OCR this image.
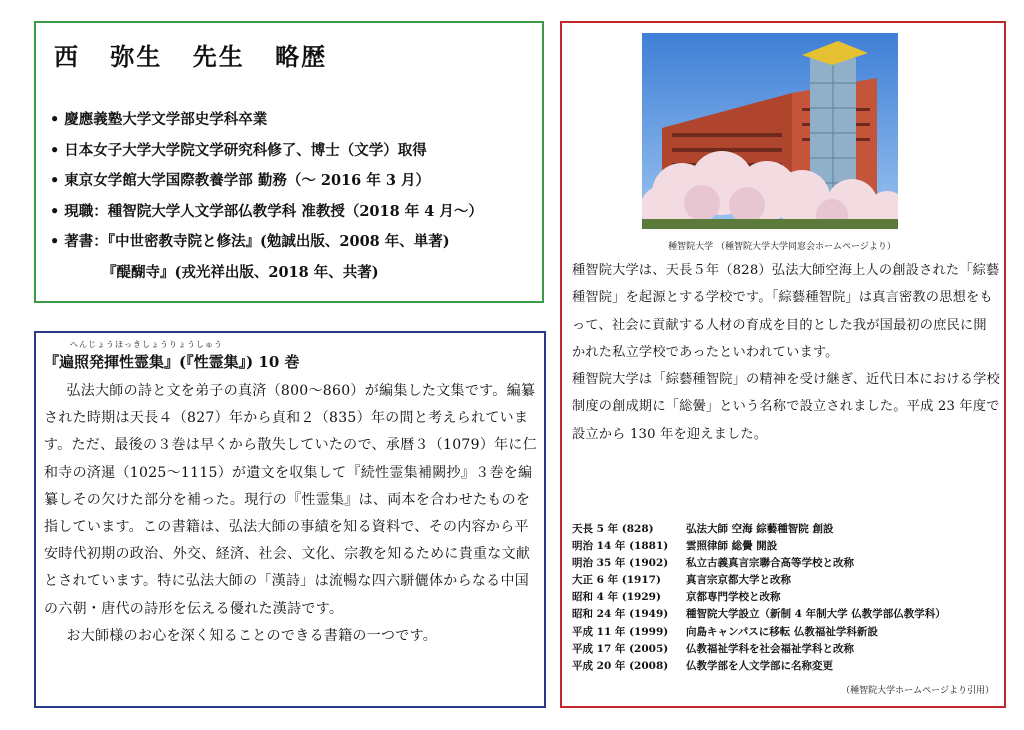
西 弥生 先生 略歴
• 慶應義塾大学文学部史学科卒業
• 日本女子大学大学院文学研究科修了、博士（文学）取得
• 東京女学館大学国際教養学部 勤務（～ 2016 年 3 月）
• 現職：種智院大学人文学部仏教学科 准教授（2018 年 4 月～）
• 著書：『中世密教寺院と修法』(勉誠出版、2008 年、単著)
『醍醐寺』(戎光祥出版、2018 年、共著)
へんじょうほっきしょうりょうしゅう
『遍照発揮性霊集』(『性霊集』) 10 巻

弘法大師の詩と文を弟子の真済（800～860）が編集した文集です。編纂された時期は天長４（827）年から貞和２（835）年の間と考えられています。ただ、最後の３巻は早くから散失していたので、承暦３（1079）年に仁和寺の済暹（1025～1115）が遺文を収集して『続性霊集補闕抄』３巻を編纂しその欠けた部分を補った。現行の『性霊集』は、両本を合わせたものを指しています。この書籍は、弘法大師の事績を知る資料で、その内容から平安時代初期の政治、外交、経済、社会、文化、宗教を知るために貴重な文献とされています。特に弘法大師の「漢詩」は流暢な四六駢儷体からなる中国の六朝・唐代の詩形を伝える優れた漢詩です。

お大師様のお心を深く知ることのできる書籍の一つです。

種智院大学 （種智院大学大学同窓会ホームページより）

種智院大学は、天長５年（828）弘法大師空海上人の創設された「綜藝種智院」を起源とする学校です。「綜藝種智院」は真言密教の思想をもって、社会に貢献する人材の育成を目的とした我が国最初の庶民に開かれた私立学校であったといわれています。

種智院大学は「綜藝種智院」の精神を受け継ぎ、近代日本における学校制度の創成期に「総黌」という名称で設立されました。平成 23 年度で設立から 130 年を迎えました。

天長 5 年 (828)	弘法大師 空海 綜藝種智院 創設
明治 14 年 (1881) 雲照律師 総黌 開設
明治 35 年 (1902) 私立古義真言宗聯合高等学校と改称
大正 6 年 (1917) 真言宗京都大学と改称
昭和 4 年 (1929) 京都専門学校と改称
昭和 24 年 (1949) 種智院大学設立（新制 4 年制大学 仏教学部仏教学科）
平成 11 年 (1999) 向島キャンパスに移転 仏教福祉学科新設
平成 17 年 (2005) 仏教福祉学科を社会福祉学科と改称
平成 20 年 (2008) 仏教学部を人文学部に名称変更
（種智院大学ホームページより引用）
